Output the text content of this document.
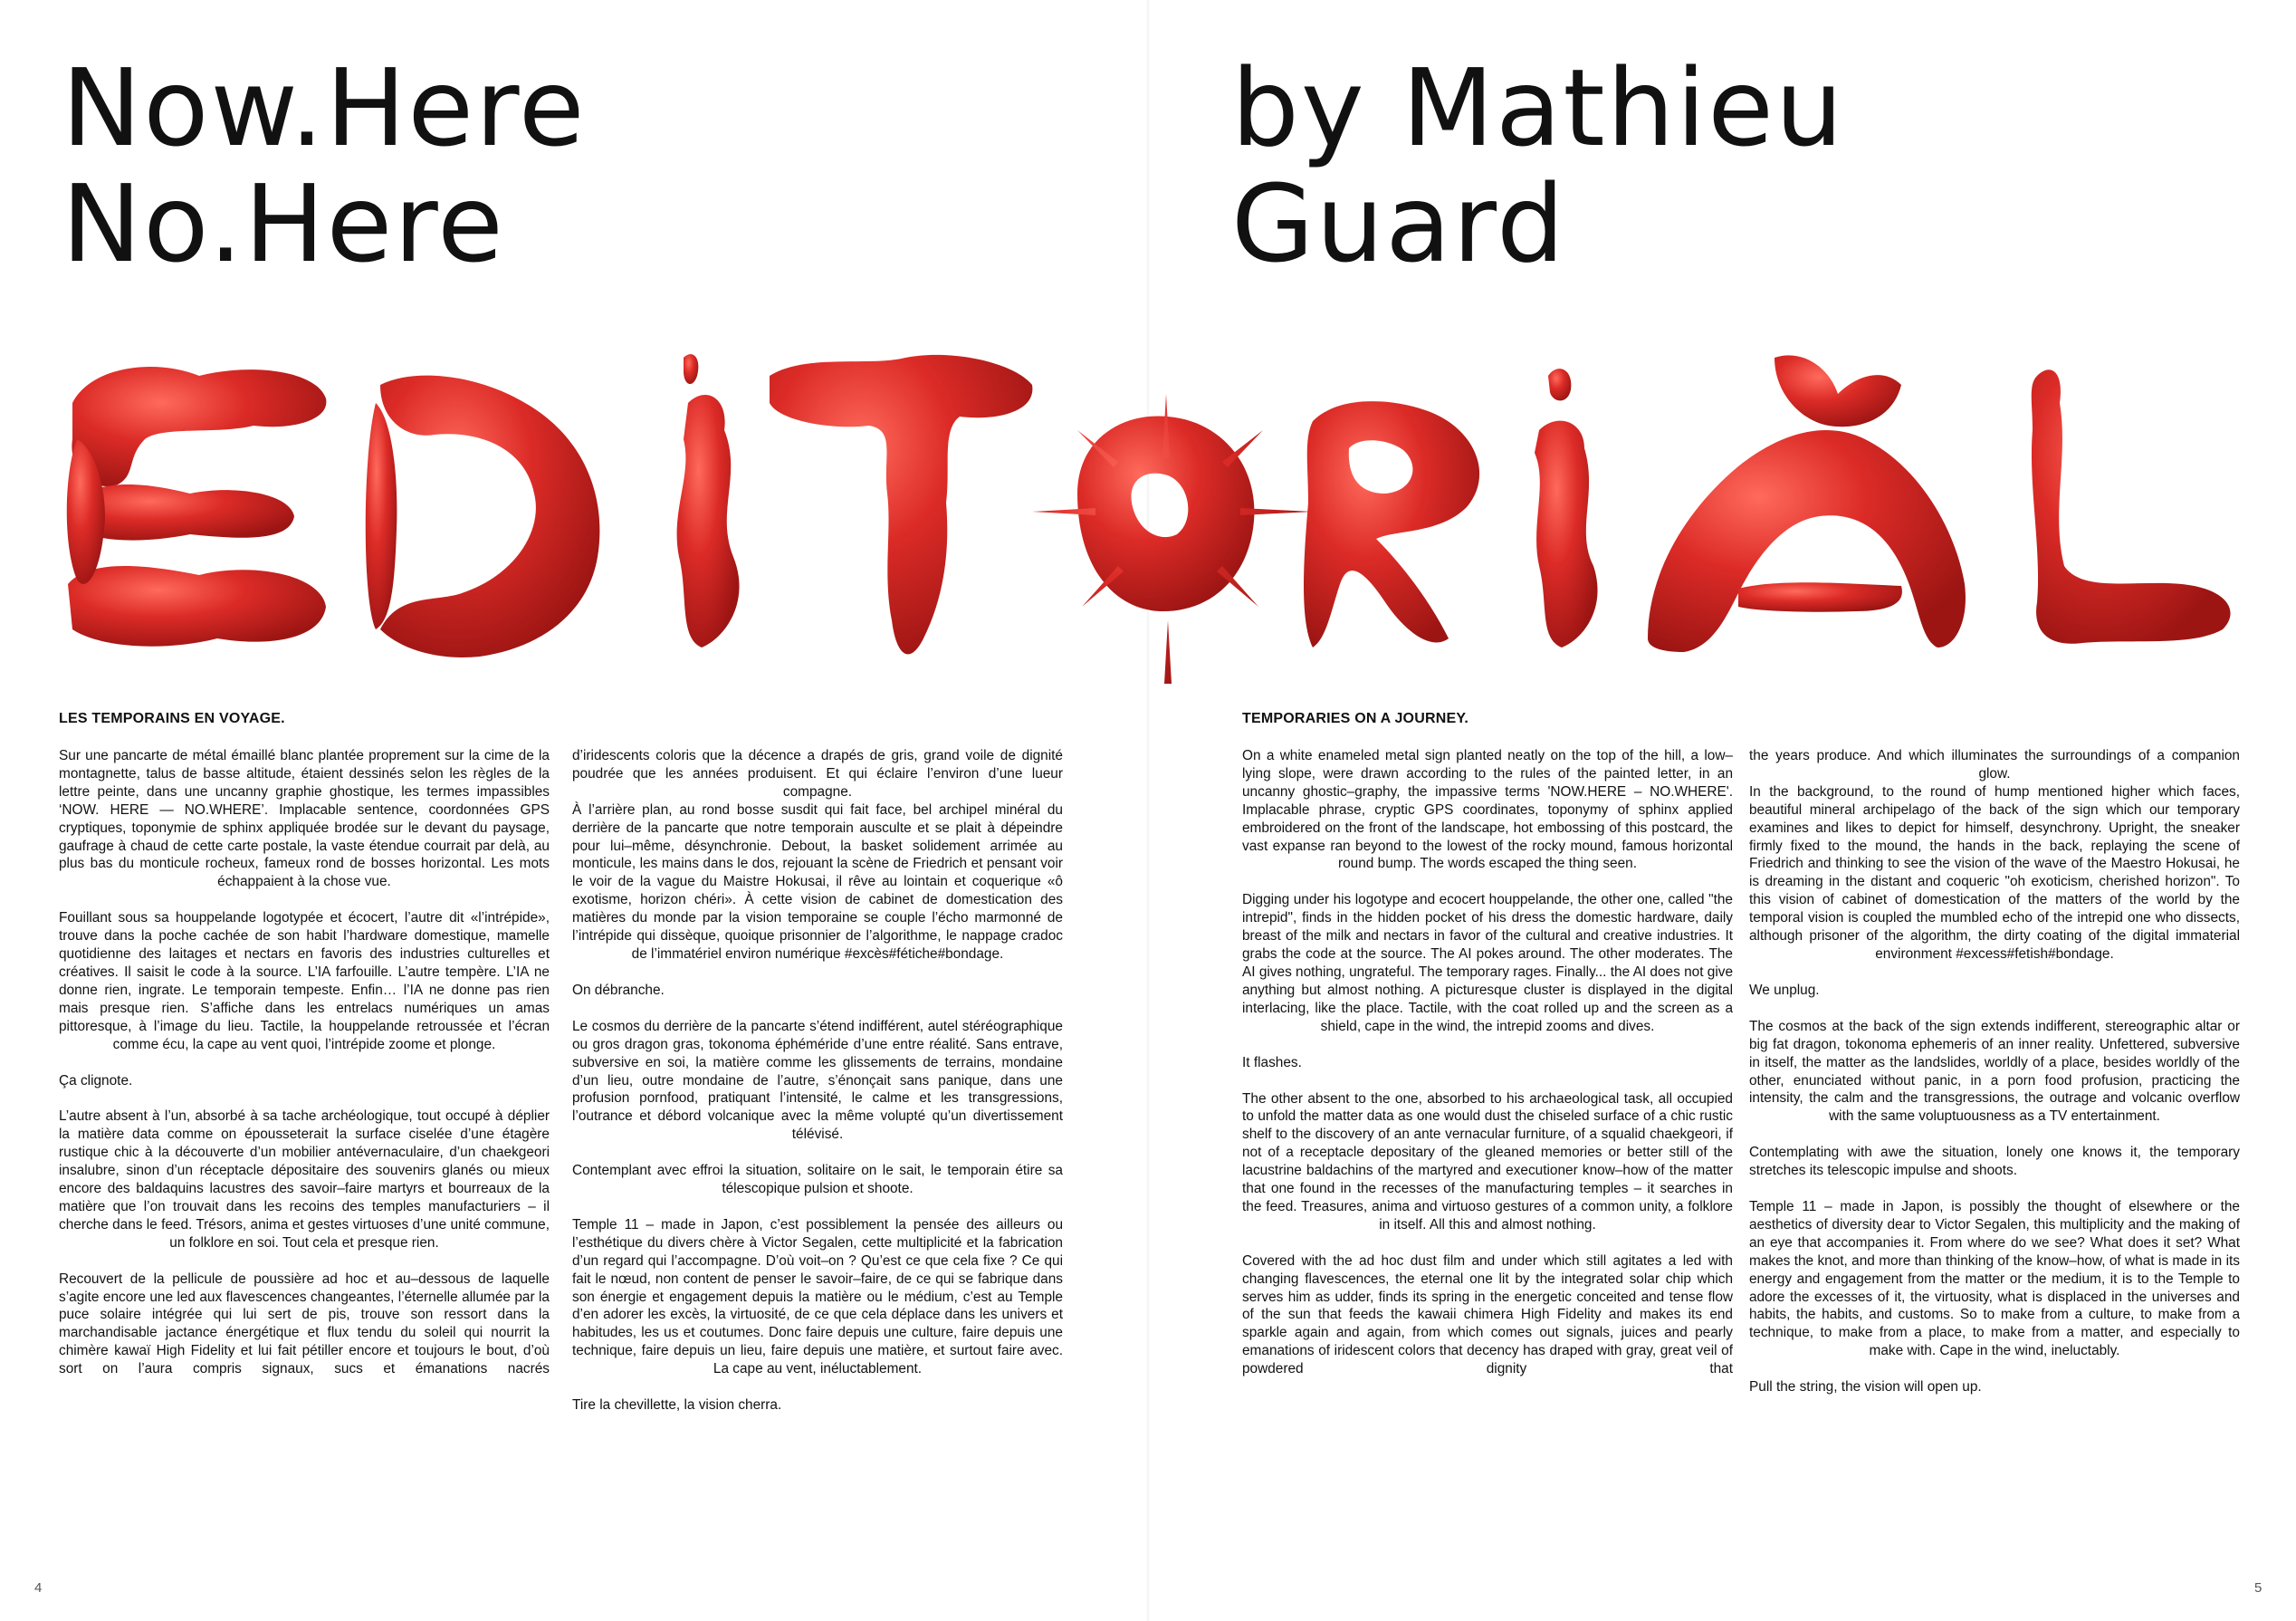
Now.Here
No.Here
by Mathieu
Guard
LES TEMPORAINS EN VOYAGE.	TEMPORARIES ON A JOURNEY.

Sur une pancarte de métal émaillé blanc plantée proprement sur la cime de la montagnette, talus de basse altitude, étaient dessinés selon les règles de la lettre peinte, dans une uncanny graphie ghostique, les termes impassibles ‘NOW. HERE — NO.WHERE’. Implacable sentence, coordonnées GPS cryptiques, toponymie de sphinx appliquée brodée sur le devant du paysage, gaufrage à chaud de cette carte postale, la vaste étendue courrait par delà, au plus bas du monticule rocheux, fameux rond de bosses horizontal. Les mots échappaient à la chose vue.

Fouillant sous sa houppelande logotypée et écocert, l’autre dit «l’intrépide», trouve dans la poche cachée de son habit l’hardware domestique, mamelle quotidienne des laitages et nectars en favoris des industries culturelles et créatives. Il saisit le code à la source. L’IA farfouille. L’autre tempère. L’IA ne donne rien, ingrate. Le temporain tempeste. Enfin… l’IA ne donne pas rien mais presque rien. S’affiche dans les entrelacs numériques un amas pittoresque, à l’image du lieu. Tactile, la houppelande retroussée et l’écran comme écu, la cape au vent quoi, l’intrépide zoome et plonge.

Ça clignote.

L’autre absent à l’un, absorbé à sa tache archéologique, tout occupé à déplier la matière data comme on épousseterait la surface ciselée d’une étagère rustique chic à la découverte d’un mobilier antévernaculaire, d’un chaekgeori insalubre, sinon d’un réceptacle dépositaire des souvenirs glanés ou mieux encore des baldaquins lacustres des savoir–faire martyrs et bourreaux de la matière que l’on trouvait dans les recoins des temples manufacturiers – il cherche dans le feed. Trésors, anima et gestes virtuoses d’une unité commune, un folklore en soi. Tout cela et presque rien.

Recouvert de la pellicule de poussière ad hoc et au–dessous de laquelle s’agite encore une led aux flavescences changeantes, l’éternelle allumée par la puce solaire intégrée qui lui sert de pis, trouve son ressort dans la marchandisable jactance énergétique et flux tendu du soleil qui nourrit la chimère kawaï High Fidelity et lui fait pétiller encore et toujours le bout, d’où sort on l’aura compris signaux, sucs et émanations nacrés

d’iridescents coloris que la décence a drapés de gris, grand voile de dignité poudrée que les années produisent. Et qui éclaire l’environ d’une lueur compagne.

À l’arrière plan, au rond bosse susdit qui fait face, bel archipel minéral du derrière de la pancarte que notre temporain ausculte et se plait à dépeindre pour lui–même, désynchronie. Debout, la basket solidement arrimée au monticule, les mains dans le dos, rejouant la scène de Friedrich et pensant voir le voir de la vague du Maistre Hokusai, il rêve au lointain et coquerique «ô exotisme, horizon chéri». À cette vision de cabinet de domestication des matières du monde par la vision temporaine se couple l’écho marmonné de l’intrépide qui dissèque, quoique prisonnier de l’algorithme, le nappage cradoc de l’immatériel environ numérique #excès#fétiche#bondage.

On débranche.

Le cosmos du derrière de la pancarte s’étend indifférent, autel stéréographique ou gros dragon gras, tokonoma éphéméride d’une entre réalité. Sans entrave, subversive en soi, la matière comme les glissements de terrains, mondaine d’un lieu, outre mondaine de l’autre, s’énonçait sans panique, dans une profusion pornfood, pratiquant l’intensité, le calme et les transgressions, l’outrance et débord volcanique avec la même volupté qu’un divertissement télévisé.

Contemplant avec effroi la situation, solitaire on le sait, le temporain étire sa télescopique pulsion et shoote.

Temple 11 – made in Japon, c’est possiblement la pensée des ailleurs ou l’esthétique du divers chère à Victor Segalen, cette multiplicité et la fabrication d’un regard qui l’accompagne. D’où voit–on ? Qu’est ce que cela fixe ? Ce qui fait le nœud, non content de penser le savoir–faire, de ce qui se fabrique dans son énergie et engagement depuis la matière ou le médium, c’est au Temple d’en adorer les excès, la virtuosité, de ce que cela déplace dans les univers et habitudes, les us et coutumes. Donc faire depuis une culture, faire depuis une technique, faire depuis un lieu, faire depuis une matière, et surtout faire avec. La cape au vent, inéluctablement.

Tire la chevillette, la vision cherra.

On a white enameled metal sign planted neatly on the top of the hill, a low–lying slope, were drawn according to the rules of the painted letter, in an uncanny ghostic–graphy, the impassive terms 'NOW.HERE – NO.WHERE'. Implacable phrase, cryptic GPS coordinates, toponymy of sphinx applied embroidered on the front of the landscape, hot embossing of this postcard, the vast expanse ran beyond to the lowest of the rocky mound, famous horizontal round bump. The words escaped the thing seen.

Digging under his logotype and ecocert houppelande, the other one, called "the intrepid", finds in the hidden pocket of his dress the domestic hardware, daily breast of the milk and nectars in favor of the cultural and creative industries. It grabs the code at the source. The AI pokes around. The other moderates. The AI gives nothing, ungrateful. The temporary rages. Finally... the AI does not give anything but almost nothing. A picturesque cluster is displayed in the digital interlacing, like the place. Tactile, with the coat rolled up and the screen as a shield, cape in the wind, the intrepid zooms and dives.

It flashes.

The other absent to the one, absorbed to his archaeological task, all occupied to unfold the matter data as one would dust the chiseled surface of a chic rustic shelf to the discovery of an ante vernacular furniture, of a squalid chaekgeori, if not of a receptacle depositary of the gleaned memories or better still of the lacustrine baldachins of the martyred and executioner know–how of the matter that one found in the recesses of the manufacturing temples – it searches in the feed. Treasures, anima and virtuoso gestures of a common unity, a folklore in itself. All this and almost nothing.

Covered with the ad hoc dust film and under which still agitates a led with changing flavescences, the eternal one lit by the integrated solar chip which serves him as udder, finds its spring in the energetic conceited and tense flow of the sun that feeds the kawaii chimera High Fidelity and makes its end sparkle again and again, from which comes out signals, juices and pearly emanations of iridescent colors that decency has draped with gray, great veil of powdered dignity that

the years produce. And which illuminates the surroundings of a companion glow.

In the background, to the round of hump mentioned higher which faces, beautiful mineral archipelago of the back of the sign which our temporary examines and likes to depict for himself, desynchrony. Upright, the sneaker firmly fixed to the mound, the hands in the back, replaying the scene of Friedrich and thinking to see the vision of the wave of the Maestro Hokusai, he is dreaming in the distant and coqueric "oh exoticism, cherished horizon". To this vision of cabinet of domestication of the matters of the world by the temporal vision is coupled the mumbled echo of the intrepid one who dissects, although prisoner of the algorithm, the dirty coating of the digital immaterial environment #excess#fetish#bondage.

We unplug.

The cosmos at the back of the sign extends indifferent, stereographic altar or big fat dragon, tokonoma ephemeris of an inner reality. Unfettered, subversive in itself, the matter as the landslides, worldly of a place, besides worldly of the other, enunciated without panic, in a porn food profusion, practicing the intensity, the calm and the transgressions, the outrage and volcanic overflow with the same voluptuousness as a TV entertainment.

Contemplating with awe the situation, lonely one knows it, the temporary stretches its telescopic impulse and shoots.

Temple 11 – made in Japon, is possibly the thought of elsewhere or the aesthetics of diversity dear to Victor Segalen, this multiplicity and the making of an eye that accompanies it. From where do we see? What does it set? What makes the knot, and more than thinking of the know–how, of what is made in its energy and engagement from the matter or the medium, it is to the Temple to adore the excesses of it, the virtuosity, what is displaced in the universes and habits, the habits, and customs. So to make from a culture, to make from a technique, to make from a place, to make from a matter, and especially to make with. Cape in the wind, ineluctably.

Pull the string, the vision will open up.

4	5
